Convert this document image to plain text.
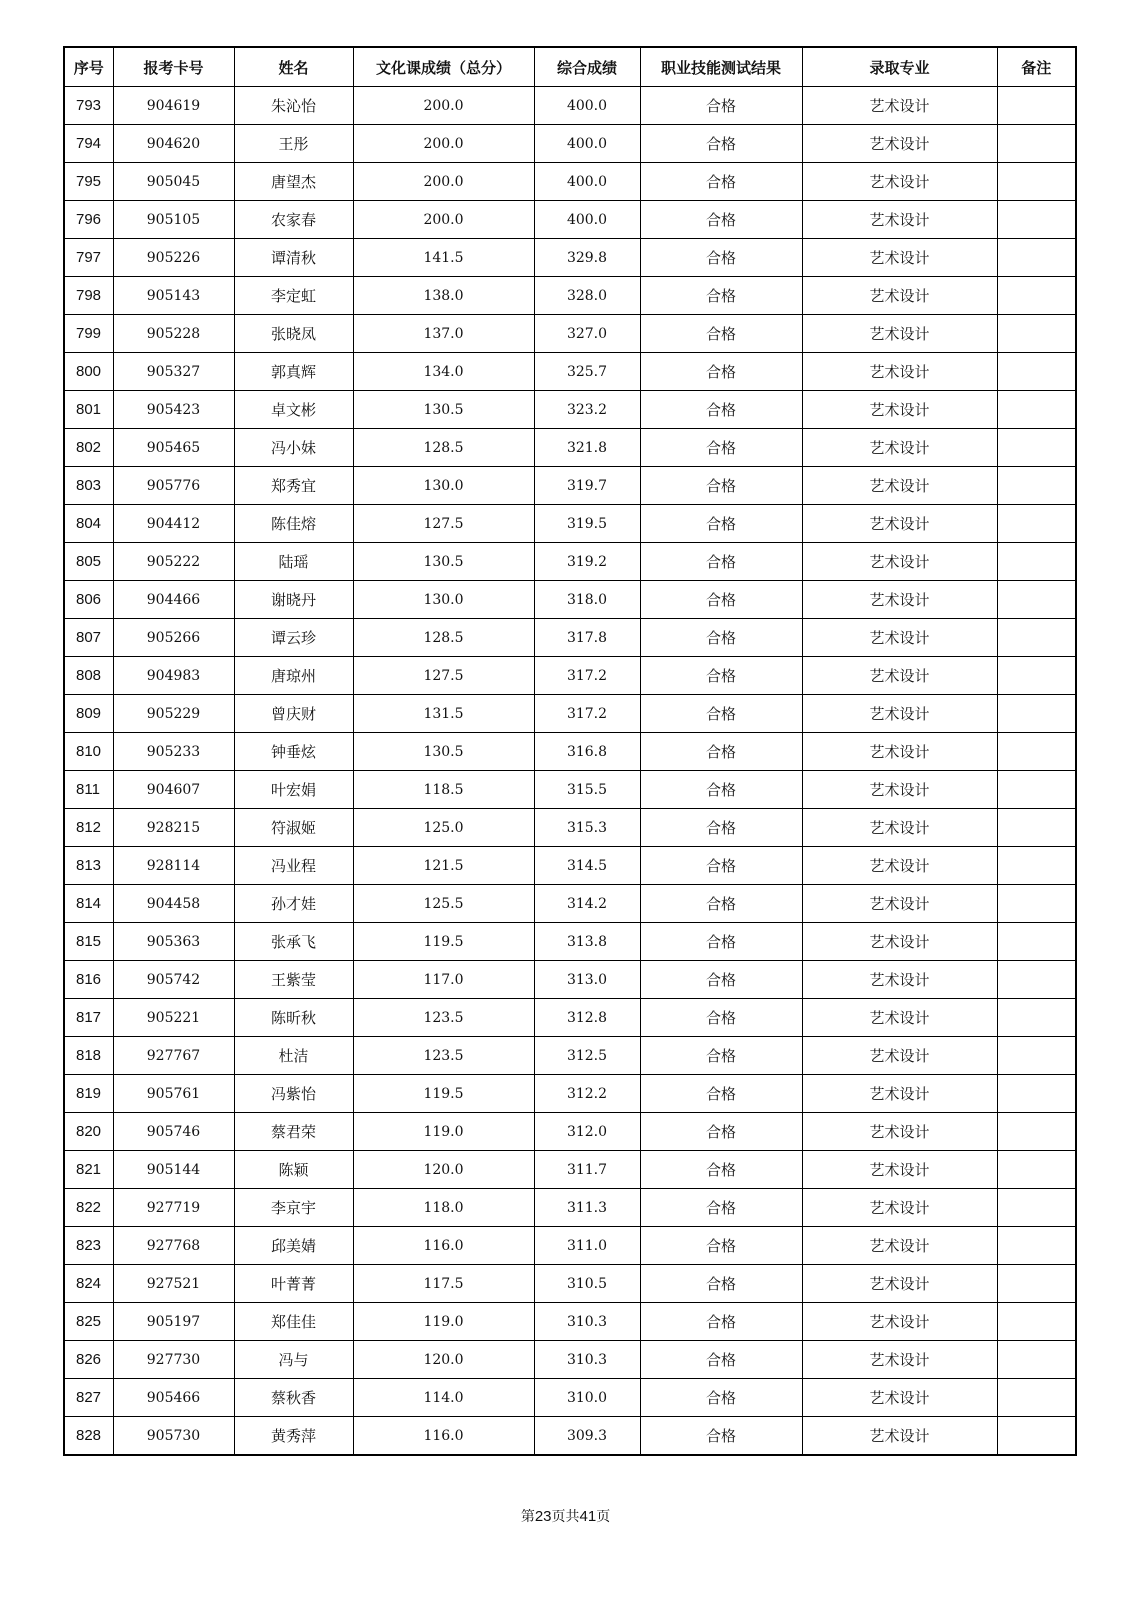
序号	报考卡号	姓名	文化课成绩（总分）	综合成绩	职业技能测试结果	录取专业	备注
793	904619	朱沁怡	200.0	400.0	合格	艺术设计	
794	904620	王彤	200.0	400.0	合格	艺术设计	
795	905045	唐望杰	200.0	400.0	合格	艺术设计	
796	905105	农家春	200.0	400.0	合格	艺术设计	
797	905226	谭清秋	141.5	329.8	合格	艺术设计	
798	905143	李定虹	138.0	328.0	合格	艺术设计	
799	905228	张晓凤	137.0	327.0	合格	艺术设计	
800	905327	郭真辉	134.0	325.7	合格	艺术设计	
801	905423	卓文彬	130.5	323.2	合格	艺术设计	
802	905465	冯小妹	128.5	321.8	合格	艺术设计	
803	905776	郑秀宜	130.0	319.7	合格	艺术设计	
804	904412	陈佳熔	127.5	319.5	合格	艺术设计	
805	905222	陆瑶	130.5	319.2	合格	艺术设计	
806	904466	谢晓丹	130.0	318.0	合格	艺术设计	
807	905266	谭云珍	128.5	317.8	合格	艺术设计	
808	904983	唐琼州	127.5	317.2	合格	艺术设计	
809	905229	曾庆财	131.5	317.2	合格	艺术设计	
810	905233	钟垂炫	130.5	316.8	合格	艺术设计	
811	904607	叶宏娟	118.5	315.5	合格	艺术设计	
812	928215	符淑姬	125.0	315.3	合格	艺术设计	
813	928114	冯业程	121.5	314.5	合格	艺术设计	
814	904458	孙才娃	125.5	314.2	合格	艺术设计	
815	905363	张承飞	119.5	313.8	合格	艺术设计	
816	905742	王紫莹	117.0	313.0	合格	艺术设计	
817	905221	陈昕秋	123.5	312.8	合格	艺术设计	
818	927767	杜洁	123.5	312.5	合格	艺术设计	
819	905761	冯紫怡	119.5	312.2	合格	艺术设计	
820	905746	蔡君荣	119.0	312.0	合格	艺术设计	
821	905144	陈颖	120.0	311.7	合格	艺术设计	
822	927719	李京宇	118.0	311.3	合格	艺术设计	
823	927768	邱美婧	116.0	311.0	合格	艺术设计	
824	927521	叶菁菁	117.5	310.5	合格	艺术设计	
825	905197	郑佳佳	119.0	310.3	合格	艺术设计	
826	927730	冯与	120.0	310.3	合格	艺术设计	
827	905466	蔡秋香	114.0	310.0	合格	艺术设计	
828	905730	黄秀萍	116.0	309.3	合格	艺术设计	
第23页共41页
